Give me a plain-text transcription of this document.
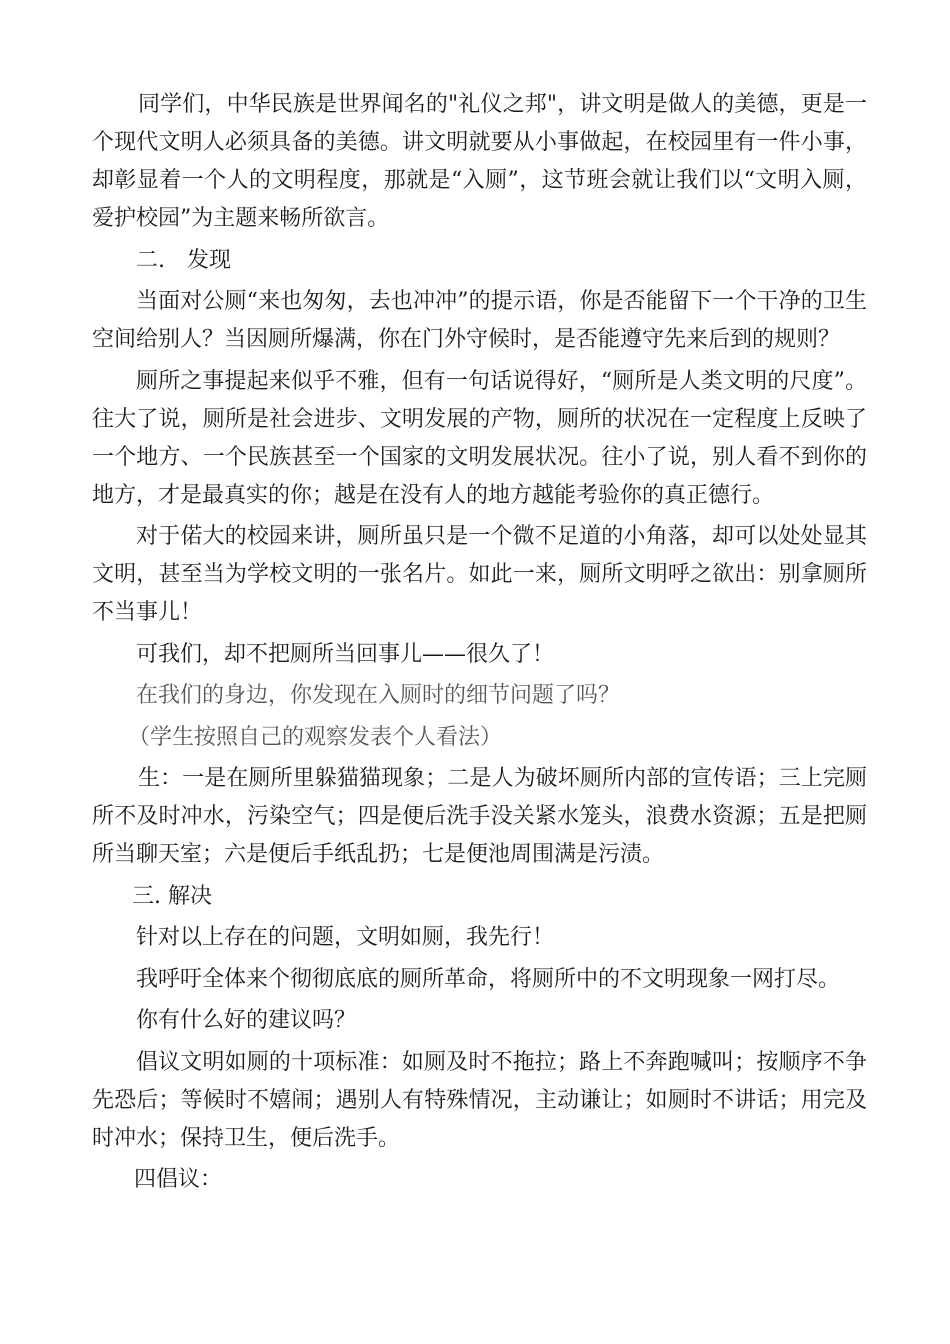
同学们，中华民族是世界闻名的"礼仪之邦"，讲文明是做人的美德，更是一个现代文明人必须具备的美德。讲文明就要从小事做起，在校园里有一件小事，却彰显着一个人的文明程度，那就是“入厕”，这节班会就让我们以“文明入厕，爱护校园”为主题来畅所欲言。

二.　发现

当面对公厕“来也匆匆，去也冲冲”的提示语，你是否能留下一个干净的卫生空间给别人？当因厕所爆满，你在门外守候时，是否能遵守先来后到的规则？

厕所之事提起来似乎不雅，但有一句话说得好，“厕所是人类文明的尺度”。往大了说，厕所是社会进步、文明发展的产物，厕所的状况在一定程度上反映了一个地方、一个民族甚至一个国家的文明发展状况。往小了说，别人看不到你的地方，才是最真实的你；越是在没有人的地方越能考验你的真正德行。

对于偌大的校园来讲，厕所虽只是一个微不足道的小角落，却可以处处显其文明，甚至当为学校文明的一张名片。如此一来，厕所文明呼之欲出：别拿厕所不当事儿！

可我们，却不把厕所当回事儿——很久了！

在我们的身边，你发现在入厕时的细节问题了吗？

（学生按照自己的观察发表个人看法）

生：一是在厕所里躲猫猫现象；二是人为破坏厕所内部的宣传语；三上完厕所不及时冲水，污染空气；四是便后洗手没关紧水笼头，浪费水资源；五是把厕所当聊天室；六是便后手纸乱扔；七是便池周围满是污渍。

三. 解决

针对以上存在的问题，文明如厕，我先行！

我呼吁全体来个彻彻底底的厕所革命，将厕所中的不文明现象一网打尽。

你有什么好的建议吗？

倡议文明如厕的十项标准：如厕及时不拖拉；路上不奔跑喊叫；按顺序不争先恐后；等候时不嬉闹；遇别人有特殊情况，主动谦让；如厕时不讲话；用完及时冲水；保持卫生，便后洗手。

四倡议：
